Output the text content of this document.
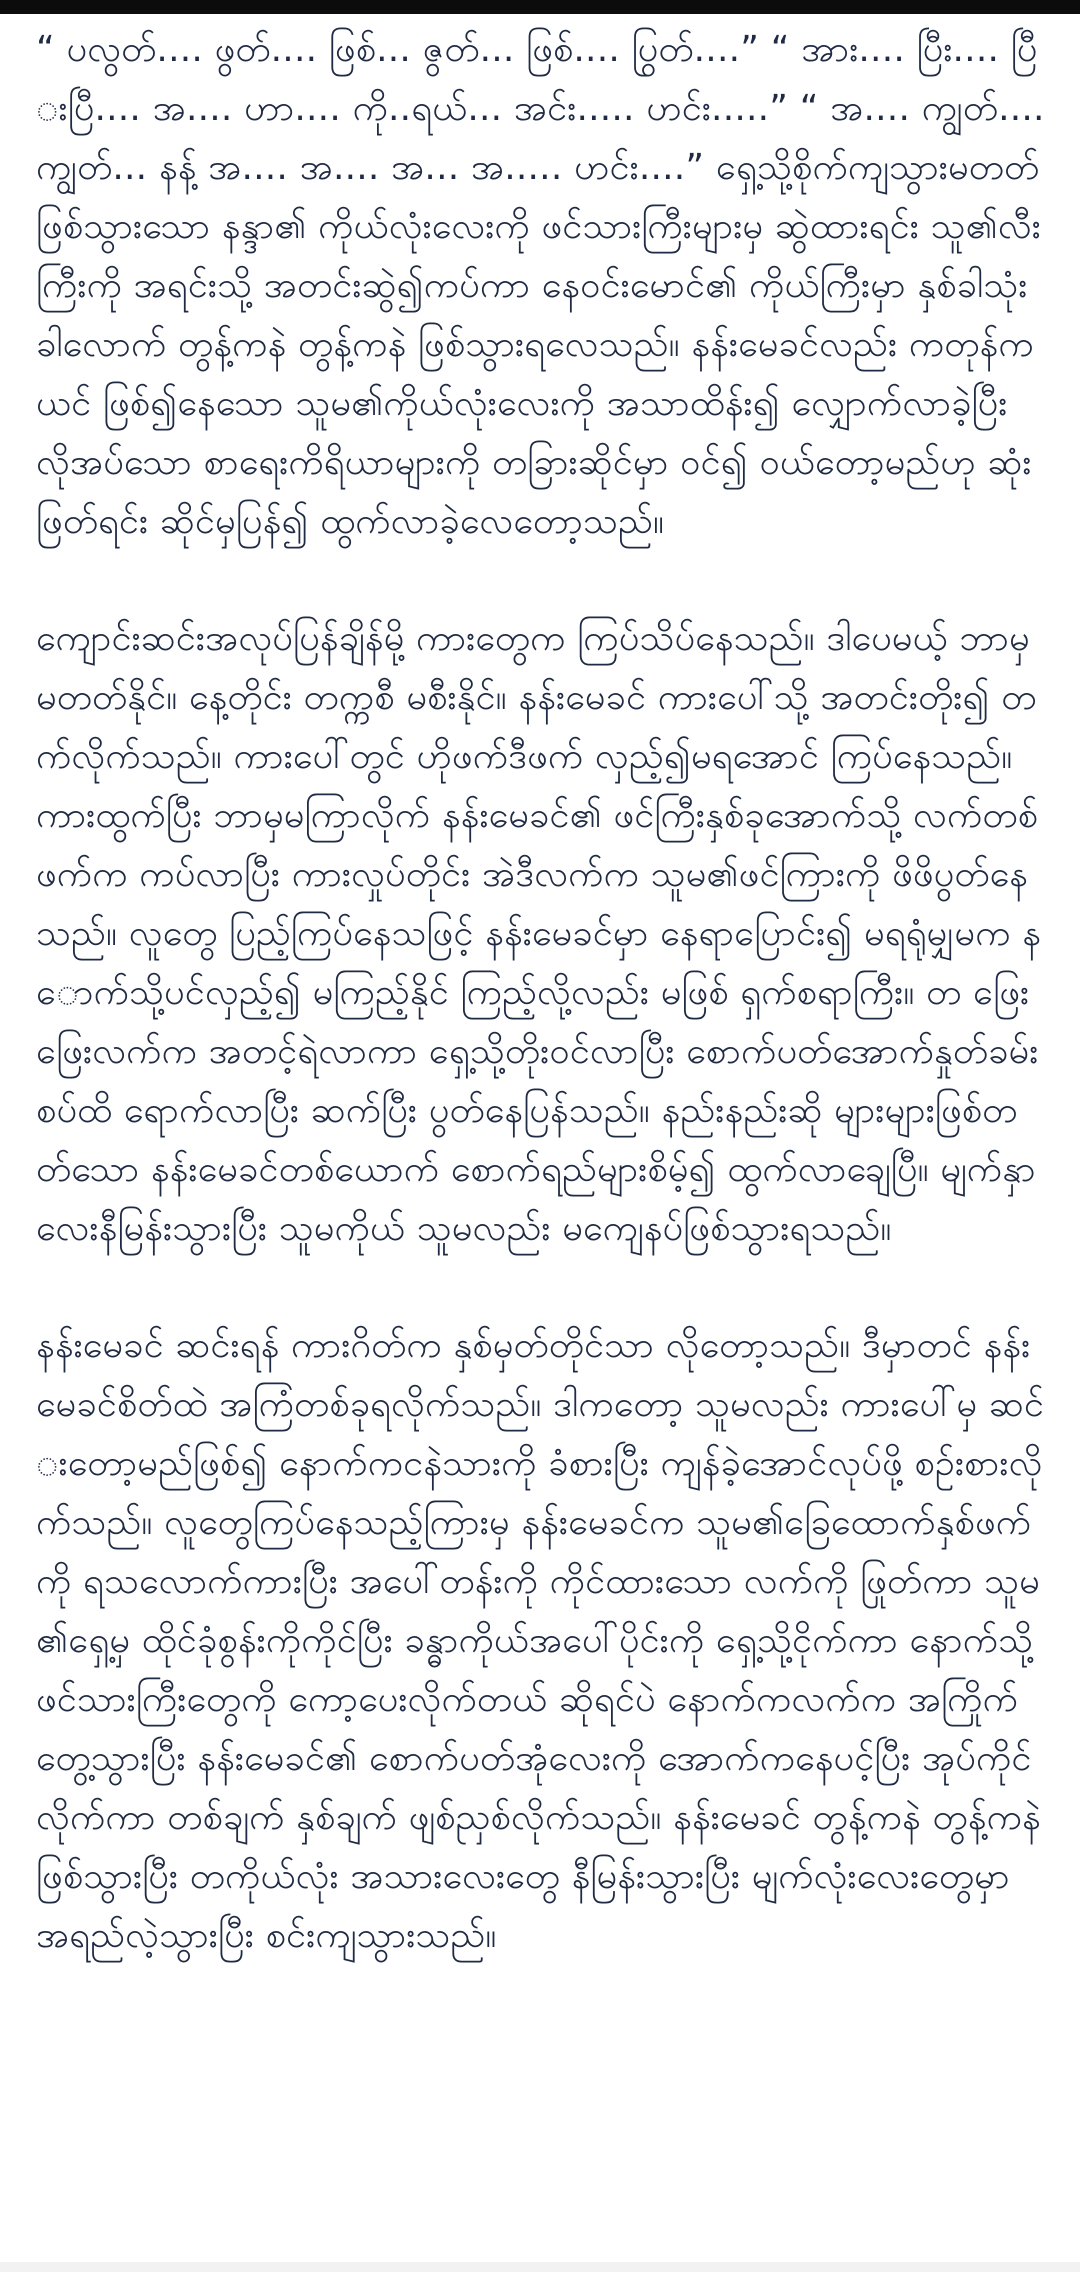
“ ပလွတ်.... ဖွတ်.... ဖြစ်... ဇွတ်... ဖြစ်.... ပြွတ်....” “ အား.... ပြီး.... ပြီးပြီ.... အ.... ဟာ.... ကို..ရယ်... အင်း..... ဟင်း.....” “ အ.... ကျွတ်.... ကျွတ်... နန့် အ.... အ.... အ... အ..... ဟင်း....” ရှေ့သို့စိုက်ကျသွားမတတ် ဖြစ်သွားသော နန္ဒာ၏ ကိုယ်လုံးလေးကို ဖင်သားကြီးများမှ ဆွဲထားရင်း သူ၏လီးကြီးကို အရင်းသို့ အတင်းဆွဲ၍ကပ်ကာ နေဝင်းမောင်၏ ကိုယ်ကြီးမှာ နှစ်ခါသုံးခါလောက် တွန့်ကနဲ တွန့်ကနဲ ဖြစ်သွားရလေသည်။ နန်းမေခင်လည်း ကတုန်ကယင် ဖြစ်၍နေသော သူမ၏ကိုယ်လုံးလေးကို အသာထိန်း၍ လျှောက်လာခဲ့ပြီး လိုအပ်သော စာရေးကိရိယာများကို တခြားဆိုင်မှာ ဝင်၍ ဝယ်တော့မည်ဟု ဆုံးဖြတ်ရင်း ဆိုင်မှပြန်၍ ထွက်လာခဲ့လေတော့သည်။

ကျောင်းဆင်းအလုပ်ပြန်ချိန်မို့ ကားတွေက ကြပ်သိပ်နေသည်။ ဒါပေမယ့် ဘာမှမတတ်နိုင်။ နေ့တိုင်း တက္ကစီ မစီးနိုင်။ နန်းမေခင် ကားပေါ်သို့ အတင်းတိုး၍ တက်လိုက်သည်။ ကားပေါ်တွင် ဟိုဖက်ဒီဖက် လှည့်၍မရအောင် ကြပ်နေသည်။ ကားထွက်ပြီး ဘာမှမကြာလိုက် နန်းမေခင်၏ ဖင်ကြီးနှစ်ခုအောက်သို့ လက်တစ်ဖက်က ကပ်လာပြီး ကားလှုပ်တိုင်း အဲဒီလက်က သူမ၏ဖင်ကြားကို ဖိဖိပွတ်နေသည်။ လူတွေ ပြည့်ကြပ်နေသဖြင့် နန်းမေခင်မှာ နေရာပြောင်း၍ မရရုံမျှမက နောက်သို့ပင်လှည့်၍ မကြည့်နိုင် ကြည့်လို့လည်း မဖြစ် ရှက်စရာကြီး။ တ ဖြေးဖြေးလက်က အတင့်ရဲလာကာ ရှေ့သို့တိုးဝင်လာပြီး စောက်ပတ်အောက်နှုတ်ခမ်းစပ်ထိ ရောက်လာပြီး ဆက်ပြီး ပွတ်နေပြန်သည်။ နည်းနည်းဆို များများဖြစ်တတ်သော နန်းမေခင်တစ်ယောက် စောက်ရည်များစိမ့်၍ ထွက်လာချေပြီ။ မျက်နှာလေးနီမြန်းသွားပြီး သူမကိုယ် သူမလည်း မကျေနပ်ဖြစ်သွားရသည်။

နန်းမေခင် ဆင်းရန် ကားဂိတ်က နှစ်မှတ်တိုင်သာ လိုတော့သည်။ ဒီမှာတင် နန်းမေခင်စိတ်ထဲ အကြံတစ်ခုရလိုက်သည်။ ဒါကတော့ သူမလည်း ကားပေါ်မှ ဆင်းတော့မည်ဖြစ်၍ နောက်ကငနဲသားကို ခံစားပြီး ကျန်ခဲ့အောင်လုပ်ဖို့ စဉ်းစားလိုက်သည်။ လူတွေကြပ်နေသည့်ကြားမှ နန်းမေခင်က သူမ၏ခြေထောက်နှစ်ဖက်ကို ရသလောက်ကားပြီး အပေါ်တန်းကို ကိုင်ထားသော လက်ကို ဖြုတ်ကာ သူမ၏ရှေ့မှ ထိုင်ခုံစွန်းကိုကိုင်ပြီး ခန္ဓာကိုယ်အပေါ်ပိုင်းကို ရှေ့သို့ငိုက်ကာ နောက်သို့ ဖင်သားကြီးတွေကို ကော့ပေးလိုက်တယ် ဆိုရင်ပဲ နောက်ကလက်က အကြိုက်တွေ့သွားပြီး နန်းမေခင်၏ စောက်ပတ်အုံလေးကို အောက်ကနေပင့်ပြီး အုပ်ကိုင်လိုက်ကာ တစ်ချက် နှစ်ချက် ဖျစ်ညှစ်လိုက်သည်။ နန်းမေခင် တွန့်ကနဲ တွန့်ကနဲ ဖြစ်သွားပြီး တကိုယ်လုံး အသားလေးတွေ နီမြန်းသွားပြီး မျက်လုံးလေးတွေမှာ အရည်လဲ့သွားပြီး စင်းကျသွားသည်။
